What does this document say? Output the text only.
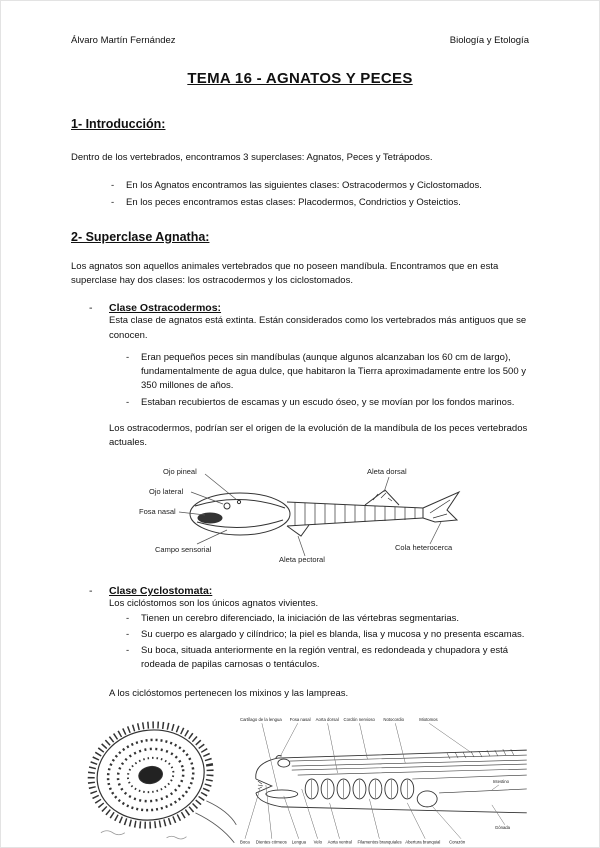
Álvaro Martín Fernández	Biología y Etología
TEMA 16 - AGNATOS Y PECES
1- Introducción:

Dentro de los vertebrados, encontramos 3 superclases: Agnatos, Peces y Tetrápodos.

- En los Agnatos encontramos las siguientes clases: Ostracodermos y Ciclostomados.
- En los peces encontramos estas clases: Placodermos, Condrictios y Osteictios.
2- Superclase Agnatha:

Los agnatos son aquellos animales vertebrados que no poseen mandíbula. Encontramos que en esta superclase hay dos clases: los ostracodermos y los ciclostomados.

- Clase Ostracodermos:

Esta clase de agnatos está extinta. Están considerados como los vertebrados más antiguos que se conocen.

- Eran pequeños peces sin mandíbulas (aunque algunos alcanzaban los 60 cm de largo), fundamentalmente de agua dulce, que habitaron la Tierra aproximadamente entre los 500 y 350 millones de años.
- Estaban recubiertos de escamas y un escudo óseo, y se movían por los fondos marinos.

Los ostracodermos, podrían ser el origen de la evolución de la mandíbula de los peces vertebrados actuales.

Ojo pineal
Ojo lateral
Fosa nasal
Campo sensorial
Aleta dorsal
Aleta pectoral
Cola heterocerca
- Clase Cyclostomata:

Los ciclóstomos son los únicos agnatos vivientes.

- Tienen un cerebro diferenciado, la iniciación de las vértebras segmentarias.
- Su cuerpo es alargado y cilíndrico; la piel es blanda, lisa y mucosa y no presenta escamas.
- Su boca, situada anteriormente en la región ventral, es redondeada y chupadora y está rodeada de papilas carnosas o tentáculos.

A los ciclóstomos pertenecen los mixinos y las lampreas.

Cartílago de la lengua Fosa nasal Aorta dorsal Cordón nervioso Notocordio	Miotomos
Boca Dientes córneos Lengua Velo Aorta ventral Filamentos branquiales Abertura branquial Corazón
Intestino
Gónada
